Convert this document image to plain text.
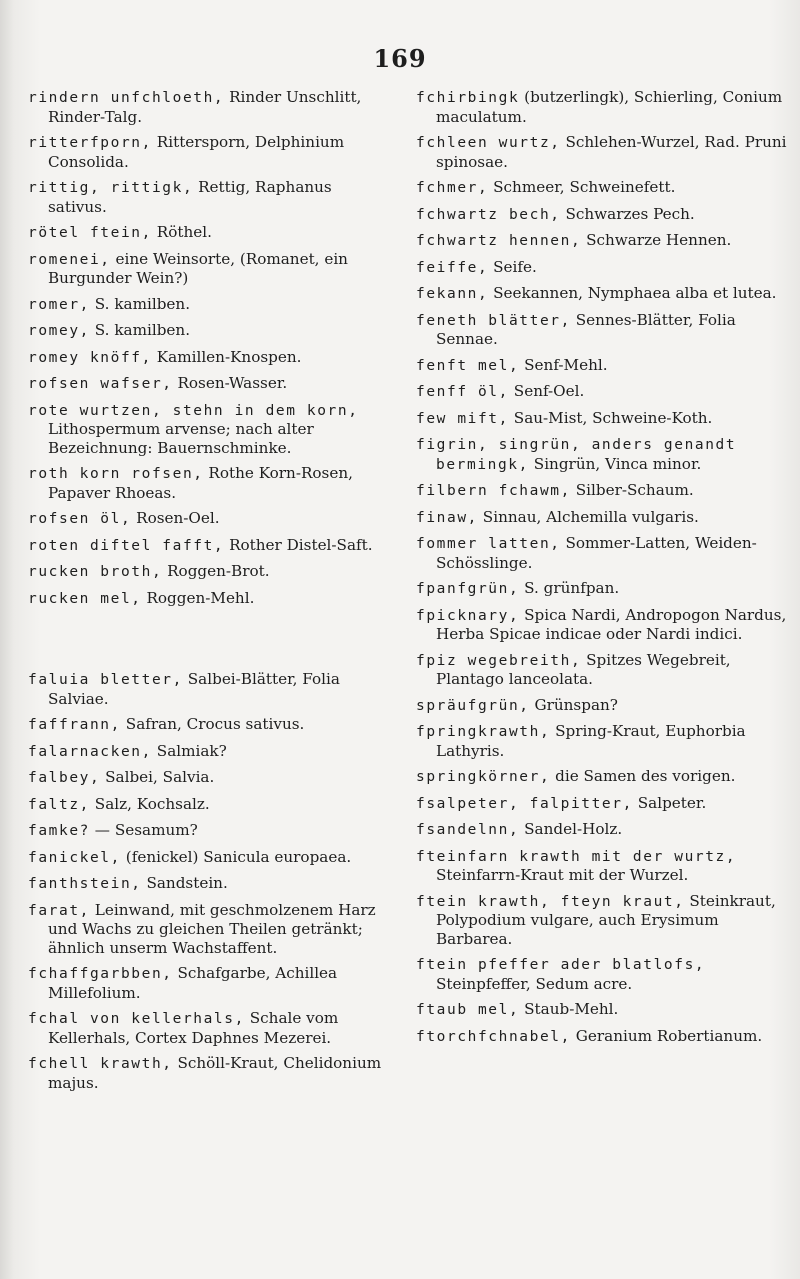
169

rindern unfchloeth, Rinder Unschlitt, Rinder-Talg.

ritterfporn, Rittersporn, Delphinium Consolida.

rittig, rittigk, Rettig, Raphanus sativus.

rötel ftein, Röthel.

romenei, eine Weinsorte, (Romanet, ein Burgunder Wein?)

romer, S. kamilben.

romey, S. kamilben.

romey knöff, Kamillen-Knospen.

rofsen wafser, Rosen-Wasser.

rote wurtzen, stehn in dem korn, Lithospermum arvense; nach alter Bezeichnung: Bauernschminke.

roth korn rofsen, Rothe Korn-Rosen, Papaver Rhoeas.

rofsen öl, Rosen-Oel.

roten diftel fafft, Rother Distel-Saft.

rucken broth, Roggen-Brot.

rucken mel, Roggen-Mehl.

faluia bletter, Salbei-Blätter, Folia Salviae.

faffrann, Safran, Crocus sativus.

falarnacken, Salmiak?

falbey, Salbei, Salvia.

faltz, Salz, Kochsalz.

famke? — Sesamum?

fanickel, (fenickel) Sanicula europaea.

fanthstein, Sandstein.

farat, Leinwand, mit geschmolzenem Harz und Wachs zu gleichen Theilen getränkt; ähnlich unserm Wachstaffent.

fchaffgarbben, Schafgarbe, Achillea Millefolium.

fchal von kellerhals, Schale vom Kellerhals, Cortex Daphnes Mezerei.

fchell krawth, Schöll-Kraut, Chelidonium majus.

fchirbingk (butzerlingk), Schierling, Conium maculatum.

fchleen wurtz, Schlehen-Wurzel, Rad. Pruni spinosae.

fchmer, Schmeer, Schweinefett.

fchwartz bech, Schwarzes Pech.

fchwartz hennen, Schwarze Hennen.

feiffe, Seife.

fekann, Seekannen, Nymphaea alba et lutea.

feneth blätter, Sennes-Blätter, Folia Sennae.

fenft mel, Senf-Mehl.

fenff öl, Senf-Oel.

few mift, Sau-Mist, Schweine-Koth.

figrin, singrün, anders genandt bermingk, Singrün, Vinca minor.

filbern fchawm, Silber-Schaum.

finaw, Sinnau, Alchemilla vulgaris.

fommer latten, Sommer-Latten, Weiden-Schösslinge.

fpanfgrün, S. grünfpan.

fpicknary, Spica Nardi, Andropogon Nardus, Herba Spicae indicae oder Nardi indici.

fpiz wegebreith, Spitzes Wegebreit, Plantago lanceolata.

spräufgrün, Grünspan?

fpringkrawth, Spring-Kraut, Euphorbia Lathyris.

springkörner, die Samen des vorigen.

fsalpeter, falpitter, Salpeter.

fsandelnn, Sandel-Holz.

fteinfarn krawth mit der wurtz, Steinfarrn-Kraut mit der Wurzel.

ftein krawth, fteyn kraut, Steinkraut, Polypodium vulgare, auch Erysimum Barbarea.

ftein pfeffer ader blatlofs, Steinpfeffer, Sedum acre.

ftaub mel, Staub-Mehl.

ftorchfchnabel, Geranium Robertianum.
